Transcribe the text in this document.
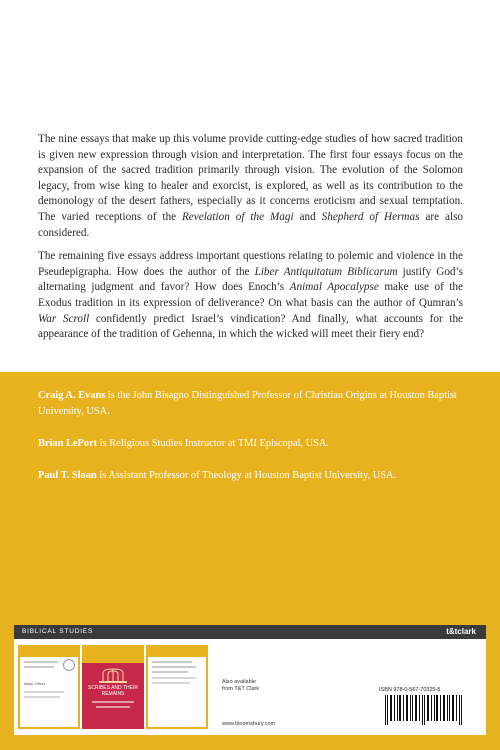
The nine essays that make up this volume provide cutting-edge studies of how sacred tradition is given new expression through vision and interpretation. The first four essays focus on the expansion of the sacred tradition primarily through vision. The evolution of the Solomon legacy, from wise king to healer and exorcist, is explored, as well as its contribution to the demonology of the desert fathers, especially as it concerns eroticism and sexual temptation. The varied receptions of the Revelation of the Magi and Shepherd of Hermas are also considered.

The remaining five essays address important questions relating to polemic and violence in the Pseudepigrapha. How does the author of the Liber Antiquitatum Biblicarum justify God’s alternating judgment and favor? How does Enoch’s Animal Apocalypse make use of the Exodus tradition in its expression of deliverance? On what basis can the author of Qumran’s War Scroll confidently predict Israel’s vindication? And finally, what accounts for the appearance of the tradition of Gehenna, in which the wicked will meet their fiery end?

Craig A. Evans is the John Bisagno Distinguished Professor of Christian Origins at Houston Baptist University, USA.
Brian LePort is Religious Studies Instructor at TMI Episcopal, USA.
Paul T. Sloan is Assistant Professor of Theology at Houston Baptist University, USA.
BIBLICAL STUDIES	t&tclark
Isaac Oliver
SCRIBES AND THEIR REMAINS
Also available
from T&T Clark
www.bloomsbury.com
ISBN 978-0-567-70325-5
